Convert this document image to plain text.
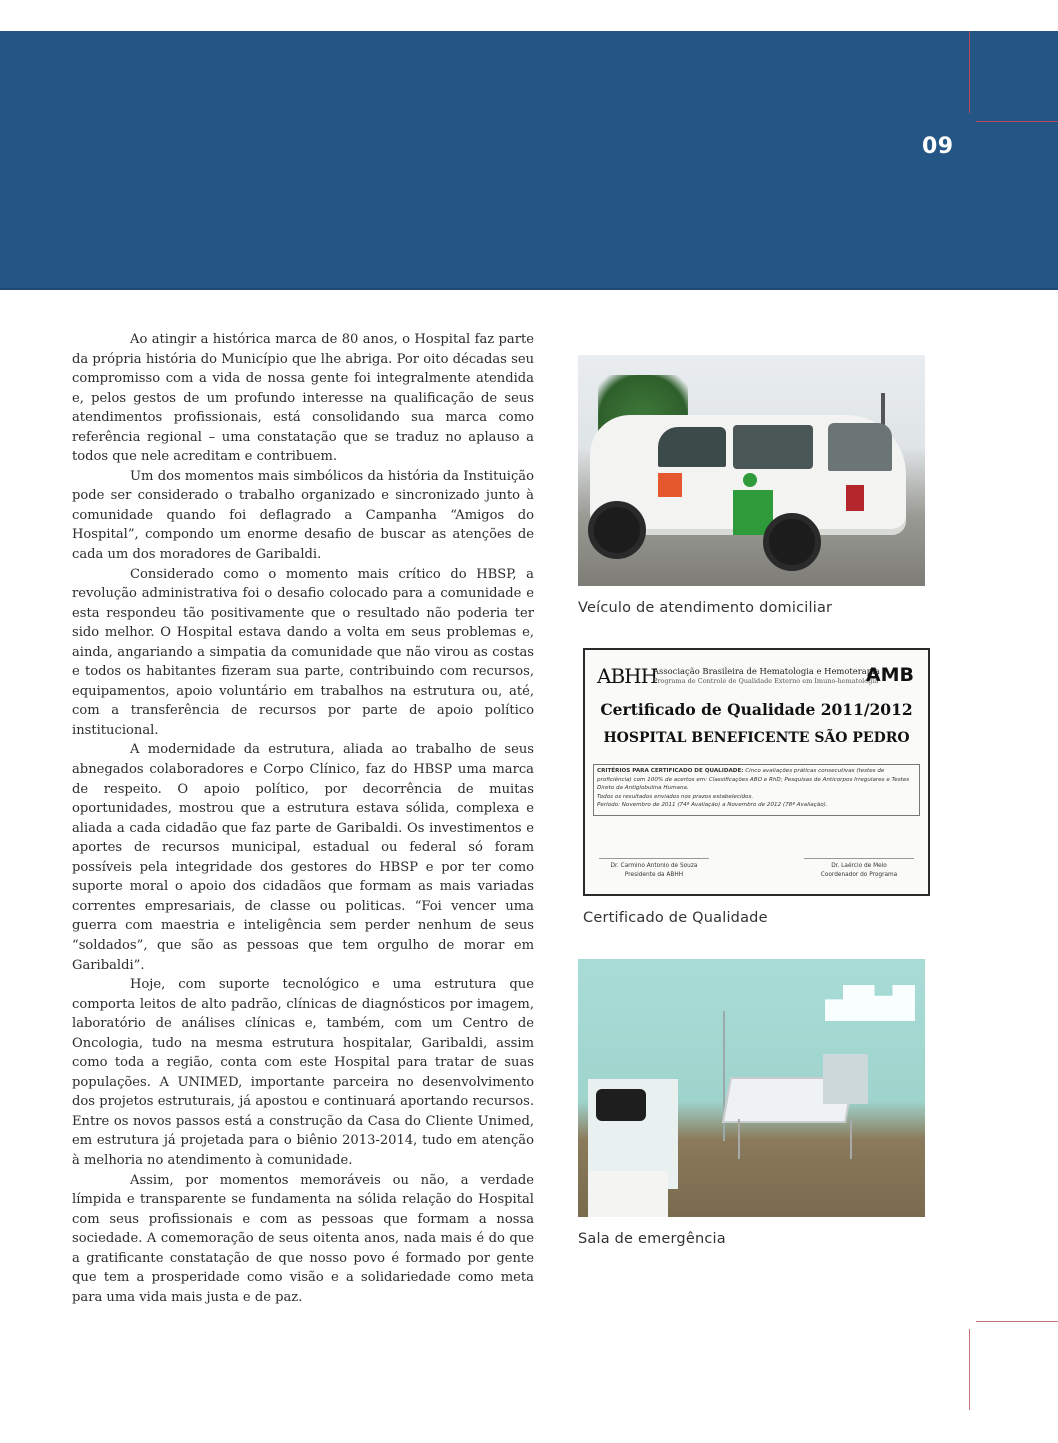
09

Ao atingir a histórica marca de 80 anos, o Hospital faz parte da própria história do Município que lhe abriga. Por oito décadas seu compromisso com a vida de nossa gente foi integralmente atendida e, pelos gestos de um profundo interesse na qualificação de seus atendimentos profissionais, está consolidando sua marca como referência regional – uma constatação que se traduz no aplauso a todos que nele acreditam e contribuem.

Um dos momentos mais simbólicos da história da Instituição pode ser considerado o trabalho organizado e sincronizado junto à comunidade quando foi deflagrado a Campanha “Amigos do Hospital”, compondo um enorme desafio de buscar as atenções de cada um dos moradores de Garibaldi.

Considerado como o momento mais crítico do HBSP, a revolução administrativa foi o desafio colocado para a comunidade e esta respondeu tão positivamente que o resultado não poderia ter sido melhor. O Hospital estava dando a volta em seus problemas e, ainda, angariando a simpatia da comunidade que não virou as costas e todos os habitantes fizeram sua parte, contribuindo com recursos, equipamentos, apoio voluntário em trabalhos na estrutura ou, até, com a transferência de recursos por parte de apoio político institucional.

A modernidade da estrutura, aliada ao trabalho de seus abnegados colaboradores e Corpo Clínico, faz do HBSP uma marca de respeito. O apoio político, por decorrência de muitas oportunidades, mostrou que a estrutura estava sólida, complexa e aliada a cada cidadão que faz parte de Garibaldi. Os investimentos e aportes de recursos municipal, estadual ou federal só foram possíveis pela integridade dos gestores do HBSP e por ter como suporte moral o apoio dos cidadãos que formam as mais variadas correntes empresariais, de classe ou politicas. “Foi vencer uma guerra com maestria e inteligência sem perder nenhum de seus “soldados”, que são as pessoas que tem orgulho de morar em Garibaldi”.

Hoje, com suporte tecnológico e uma estrutura que comporta leitos de alto padrão, clínicas de diagnósticos por imagem, laboratório de análises clínicas e, também, com um Centro de Oncologia, tudo na mesma estrutura hospitalar, Garibaldi, assim como toda a região, conta com este Hospital para tratar de suas populações. A UNIMED, importante parceira no desenvolvimento dos projetos estruturais, já apostou e continuará aportando recursos. Entre os novos passos está a construção da Casa do Cliente Unimed, em estrutura já projetada para o biênio 2013-2014, tudo em atenção à melhoria no atendimento à comunidade.

Assim, por momentos memoráveis ou não, a verdade límpida e transparente se fundamenta na sólida relação do Hospital com seus profissionais e com as pessoas que formam a nossa sociedade. A comemoração de seus oitenta anos, nada mais é do que a gratificante constatação de que nosso povo é formado por gente que tem a prosperidade como visão e a solidariedade como meta para uma vida mais justa e de paz.

Veículo de atendimento domiciliar
ABHH
Associação Brasileira de Hematologia e Hemoterapia
Programa de Controle de Qualidade Externo em Imuno-hematologia
AMB
Certificado de Qualidade 2011/2012
HOSPITAL BENEFICENTE SÃO PEDRO
CRITÉRIOS PARA CERTIFICADO DE QUALIDADE: Cinco avaliações práticas consecutivas (testes de proficiência) com 100% de acertos em: Classificações ABO e RhD; Pesquisas de Anticorpos Irregulares e Testes Direto da Antiglobulina Humana.
Todos os resultados enviados nos prazos estabelecidos.
Período: Novembro de 2011 (74ª Avaliação) a Novembro de 2012 (78ª Avaliação).
Dr. Carmino Antonio de Souza
Presidente da ABHH
Dr. Laércio de Melo
Coordenador do Programa
Certificado de Qualidade
Sala de emergência
